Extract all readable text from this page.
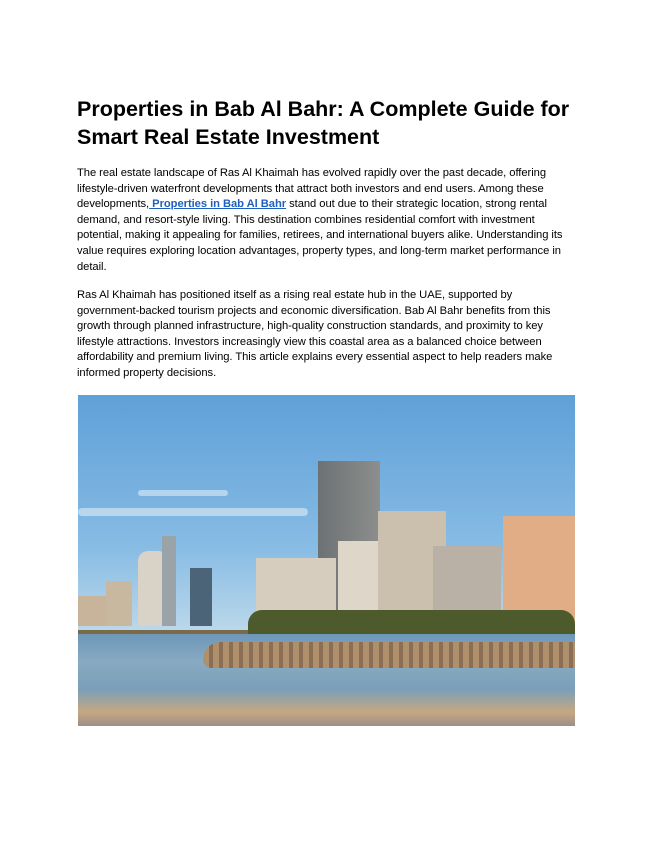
Properties in Bab Al Bahr: A Complete Guide for Smart Real Estate Investment

The real estate landscape of Ras Al Khaimah has evolved rapidly over the past decade, offering lifestyle-driven waterfront developments that attract both investors and end users. Among these developments, Properties in Bab Al Bahr stand out due to their strategic location, strong rental demand, and resort-style living. This destination combines residential comfort with investment potential, making it appealing for families, retirees, and international buyers alike. Understanding its value requires exploring location advantages, property types, and long-term market performance in detail.

Ras Al Khaimah has positioned itself as a rising real estate hub in the UAE, supported by government-backed tourism projects and economic diversification. Bab Al Bahr benefits from this growth through planned infrastructure, high-quality construction standards, and proximity to key lifestyle attractions. Investors increasingly view this coastal area as a balanced choice between affordability and premium living. This article explains every essential aspect to help readers make informed property decisions.
